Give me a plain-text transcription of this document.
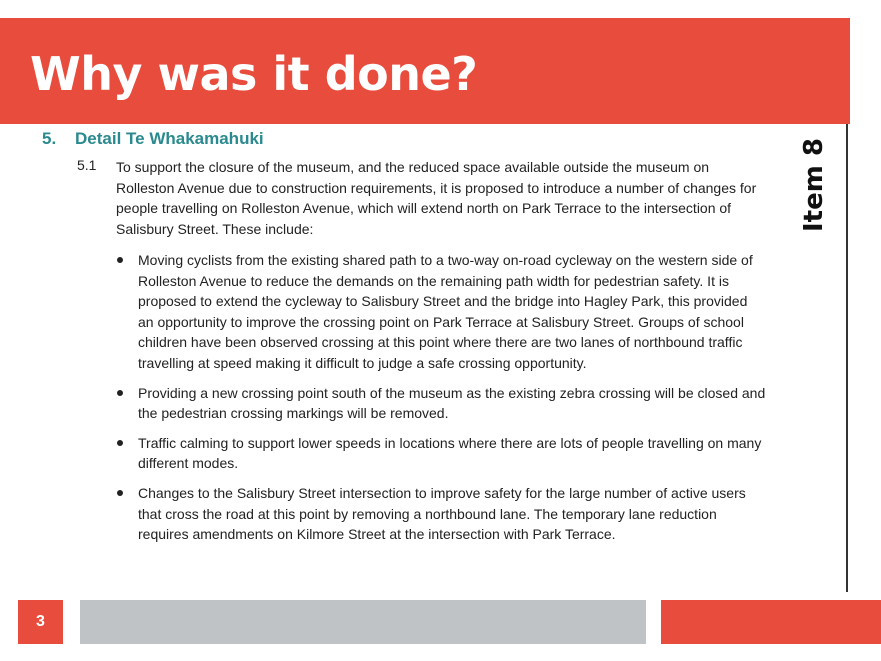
Why was it done?
Item 8
5. Detail Te Whakamahuki
5.1 To support the closure of the museum, and the reduced space available outside the museum on Rolleston Avenue due to construction requirements, it is proposed to introduce a number of changes for people travelling on Rolleston Avenue, which will extend north on Park Terrace to the intersection of Salisbury Street. These include:
Moving cyclists from the existing shared path to a two-way on-road cycleway on the western side of Rolleston Avenue to reduce the demands on the remaining path width for pedestrian safety. It is proposed to extend the cycleway to Salisbury Street and the bridge into Hagley Park, this provided an opportunity to improve the crossing point on Park Terrace at Salisbury Street. Groups of school children have been observed crossing at this point where there are two lanes of northbound traffic travelling at speed making it difficult to judge a safe crossing opportunity.
Providing a new crossing point south of the museum as the existing zebra crossing will be closed and the pedestrian crossing markings will be removed.
Traffic calming to support lower speeds in locations where there are lots of people travelling on many different modes.
Changes to the Salisbury Street intersection to improve safety for the large number of active users that cross the road at this point by removing a northbound lane. The temporary lane reduction requires amendments on Kilmore Street at the intersection with Park Terrace.
3
